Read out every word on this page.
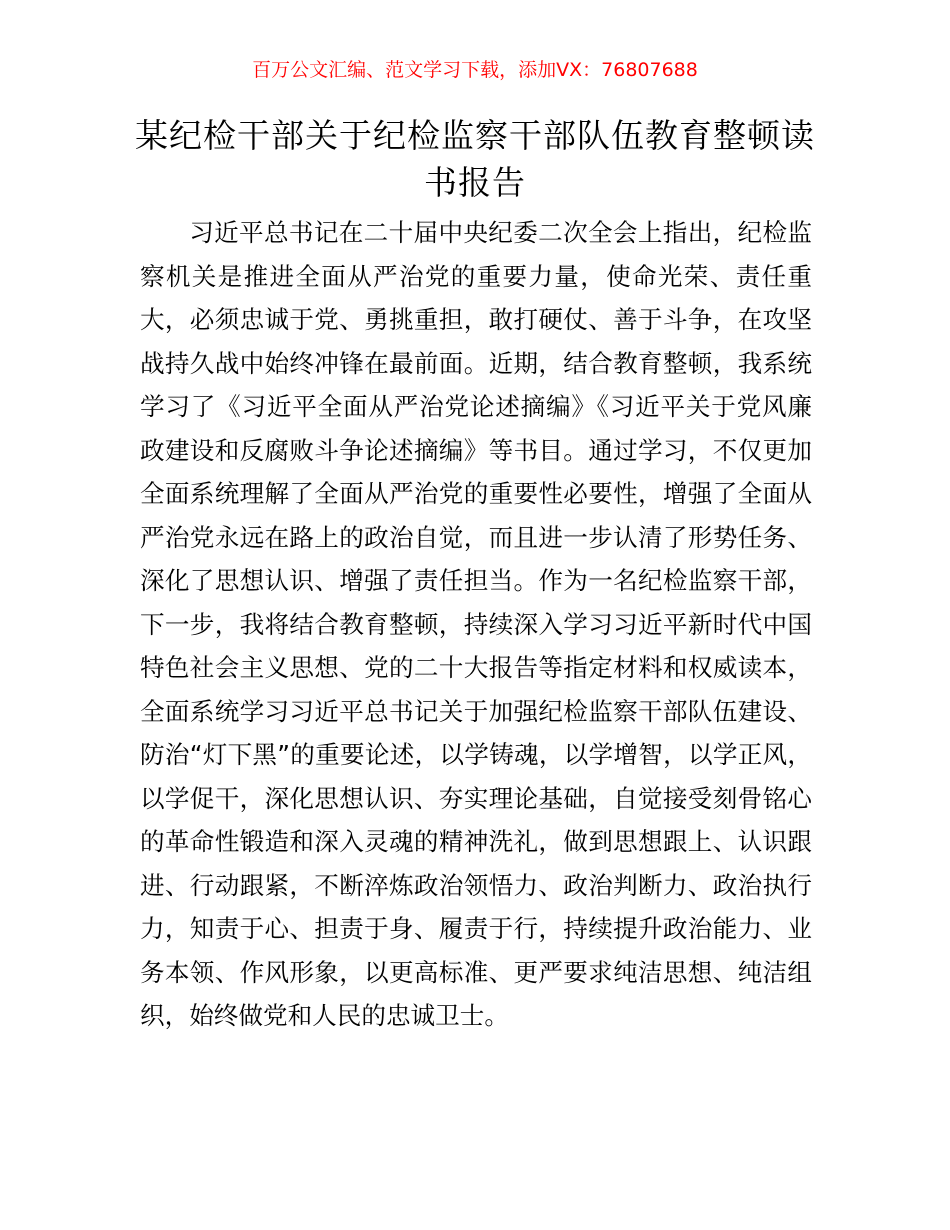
百万公文汇编、范文学习下载，添加VX：76807688
某纪检干部关于纪检监察干部队伍教育整顿读书报告

习近平总书记在二十届中央纪委二次全会上指出，纪检监察机关是推进全面从严治党的重要力量，使命光荣、责任重大，必须忠诚于党、勇挑重担，敢打硬仗、善于斗争，在攻坚战持久战中始终冲锋在最前面。近期，结合教育整顿，我系统学习了《习近平全面从严治党论述摘编》《习近平关于党风廉政建设和反腐败斗争论述摘编》等书目。通过学习，不仅更加全面系统理解了全面从严治党的重要性必要性，增强了全面从严治党永远在路上的政治自觉，而且进一步认清了形势任务、深化了思想认识、增强了责任担当。作为一名纪检监察干部，下一步，我将结合教育整顿，持续深入学习习近平新时代中国特色社会主义思想、党的二十大报告等指定材料和权威读本，全面系统学习习近平总书记关于加强纪检监察干部队伍建设、防治“灯下黑”的重要论述，以学铸魂，以学增智，以学正风，以学促干，深化思想认识、夯实理论基础，自觉接受刻骨铭心的革命性锻造和深入灵魂的精神洗礼，做到思想跟上、认识跟进、行动跟紧，不断淬炼政治领悟力、政治判断力、政治执行力，知责于心、担责于身、履责于行，持续提升政治能力、业务本领、作风形象，以更高标准、更严要求纯洁思想、纯洁组织，始终做党和人民的忠诚卫士。
